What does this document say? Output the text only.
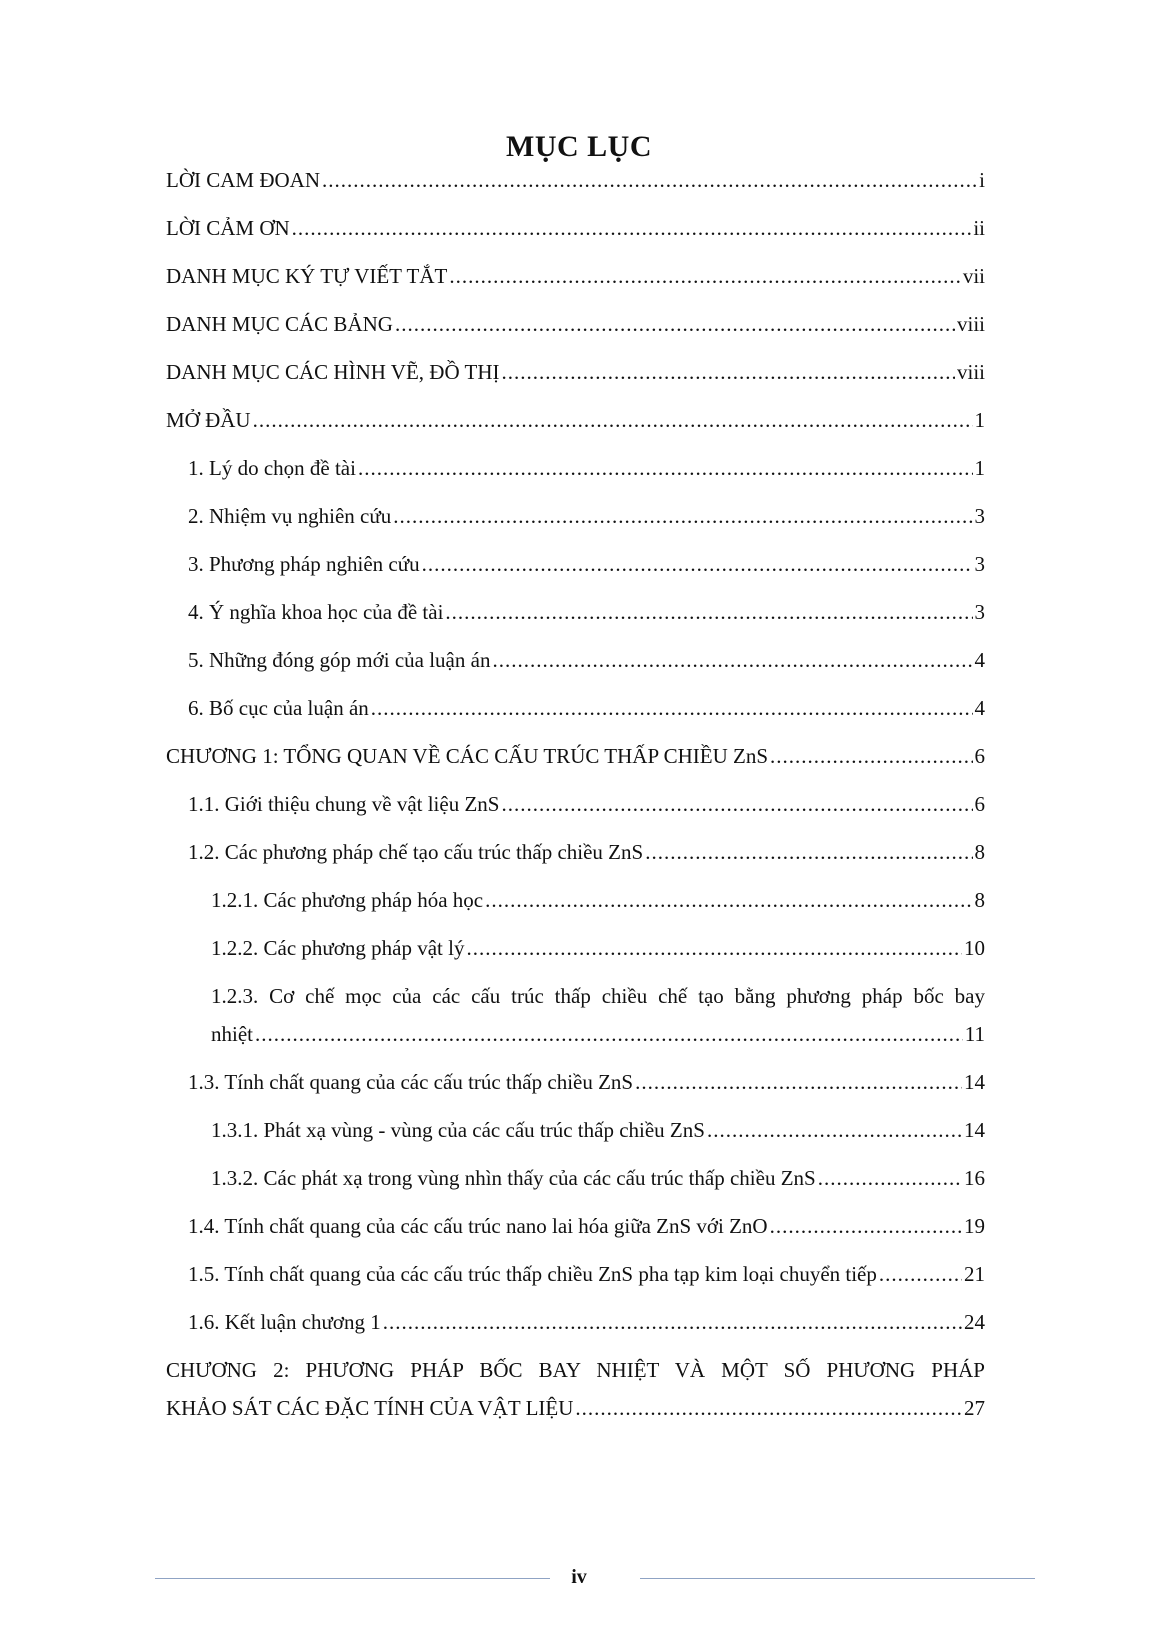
MỤC LỤC
LỜI CAM ĐOAN .....	i
LỜI CẢM ƠN .....	ii
DANH MỤC KÝ TỰ VIẾT TẮT .....	vii
DANH MỤC CÁC BẢNG .....	viii
DANH MỤC CÁC HÌNH VẼ, ĐỒ THỊ .....	viii
MỞ ĐẦU .....	1
1. Lý do chọn đề tài .....	1
2. Nhiệm vụ nghiên cứu .....	3
3. Phương pháp nghiên cứu .....	3
4. Ý nghĩa khoa học của đề tài .....	3
5. Những đóng góp mới của luận án .....	4
6. Bố cục của luận án .....	4
CHƯƠNG 1: TỔNG QUAN VỀ CÁC CẤU TRÚC THẤP CHIỀU ZnS .....	6
1.1. Giới thiệu chung về vật liệu ZnS .....	6
1.2. Các phương pháp chế tạo cấu trúc thấp chiều ZnS .....	8
1.2.1. Các phương pháp hóa học .....	8
1.2.2. Các phương pháp vật lý .....	10
1.2.3. Cơ chế mọc của các cấu trúc thấp chiều chế tạo bằng phương pháp bốc bay
nhiệt .....	11
1.3. Tính chất quang của các cấu trúc thấp chiều ZnS .....	14
1.3.1. Phát xạ vùng - vùng của các cấu trúc thấp chiều ZnS .....	14
1.3.2. Các phát xạ trong vùng nhìn thấy của các cấu trúc thấp chiều ZnS .....	16
1.4. Tính chất quang của các cấu trúc nano lai hóa giữa ZnS với ZnO .....	19
1.5. Tính chất quang của các cấu trúc thấp chiều ZnS pha tạp kim loại chuyển tiếp .....	21
1.6. Kết luận chương 1 .....	24
CHƯƠNG 2: PHƯƠNG PHÁP BỐC BAY NHIỆT VÀ MỘT SỐ PHƯƠNG PHÁP
KHẢO SÁT CÁC ĐẶC TÍNH CỦA VẬT LIỆU .....	27
iv
